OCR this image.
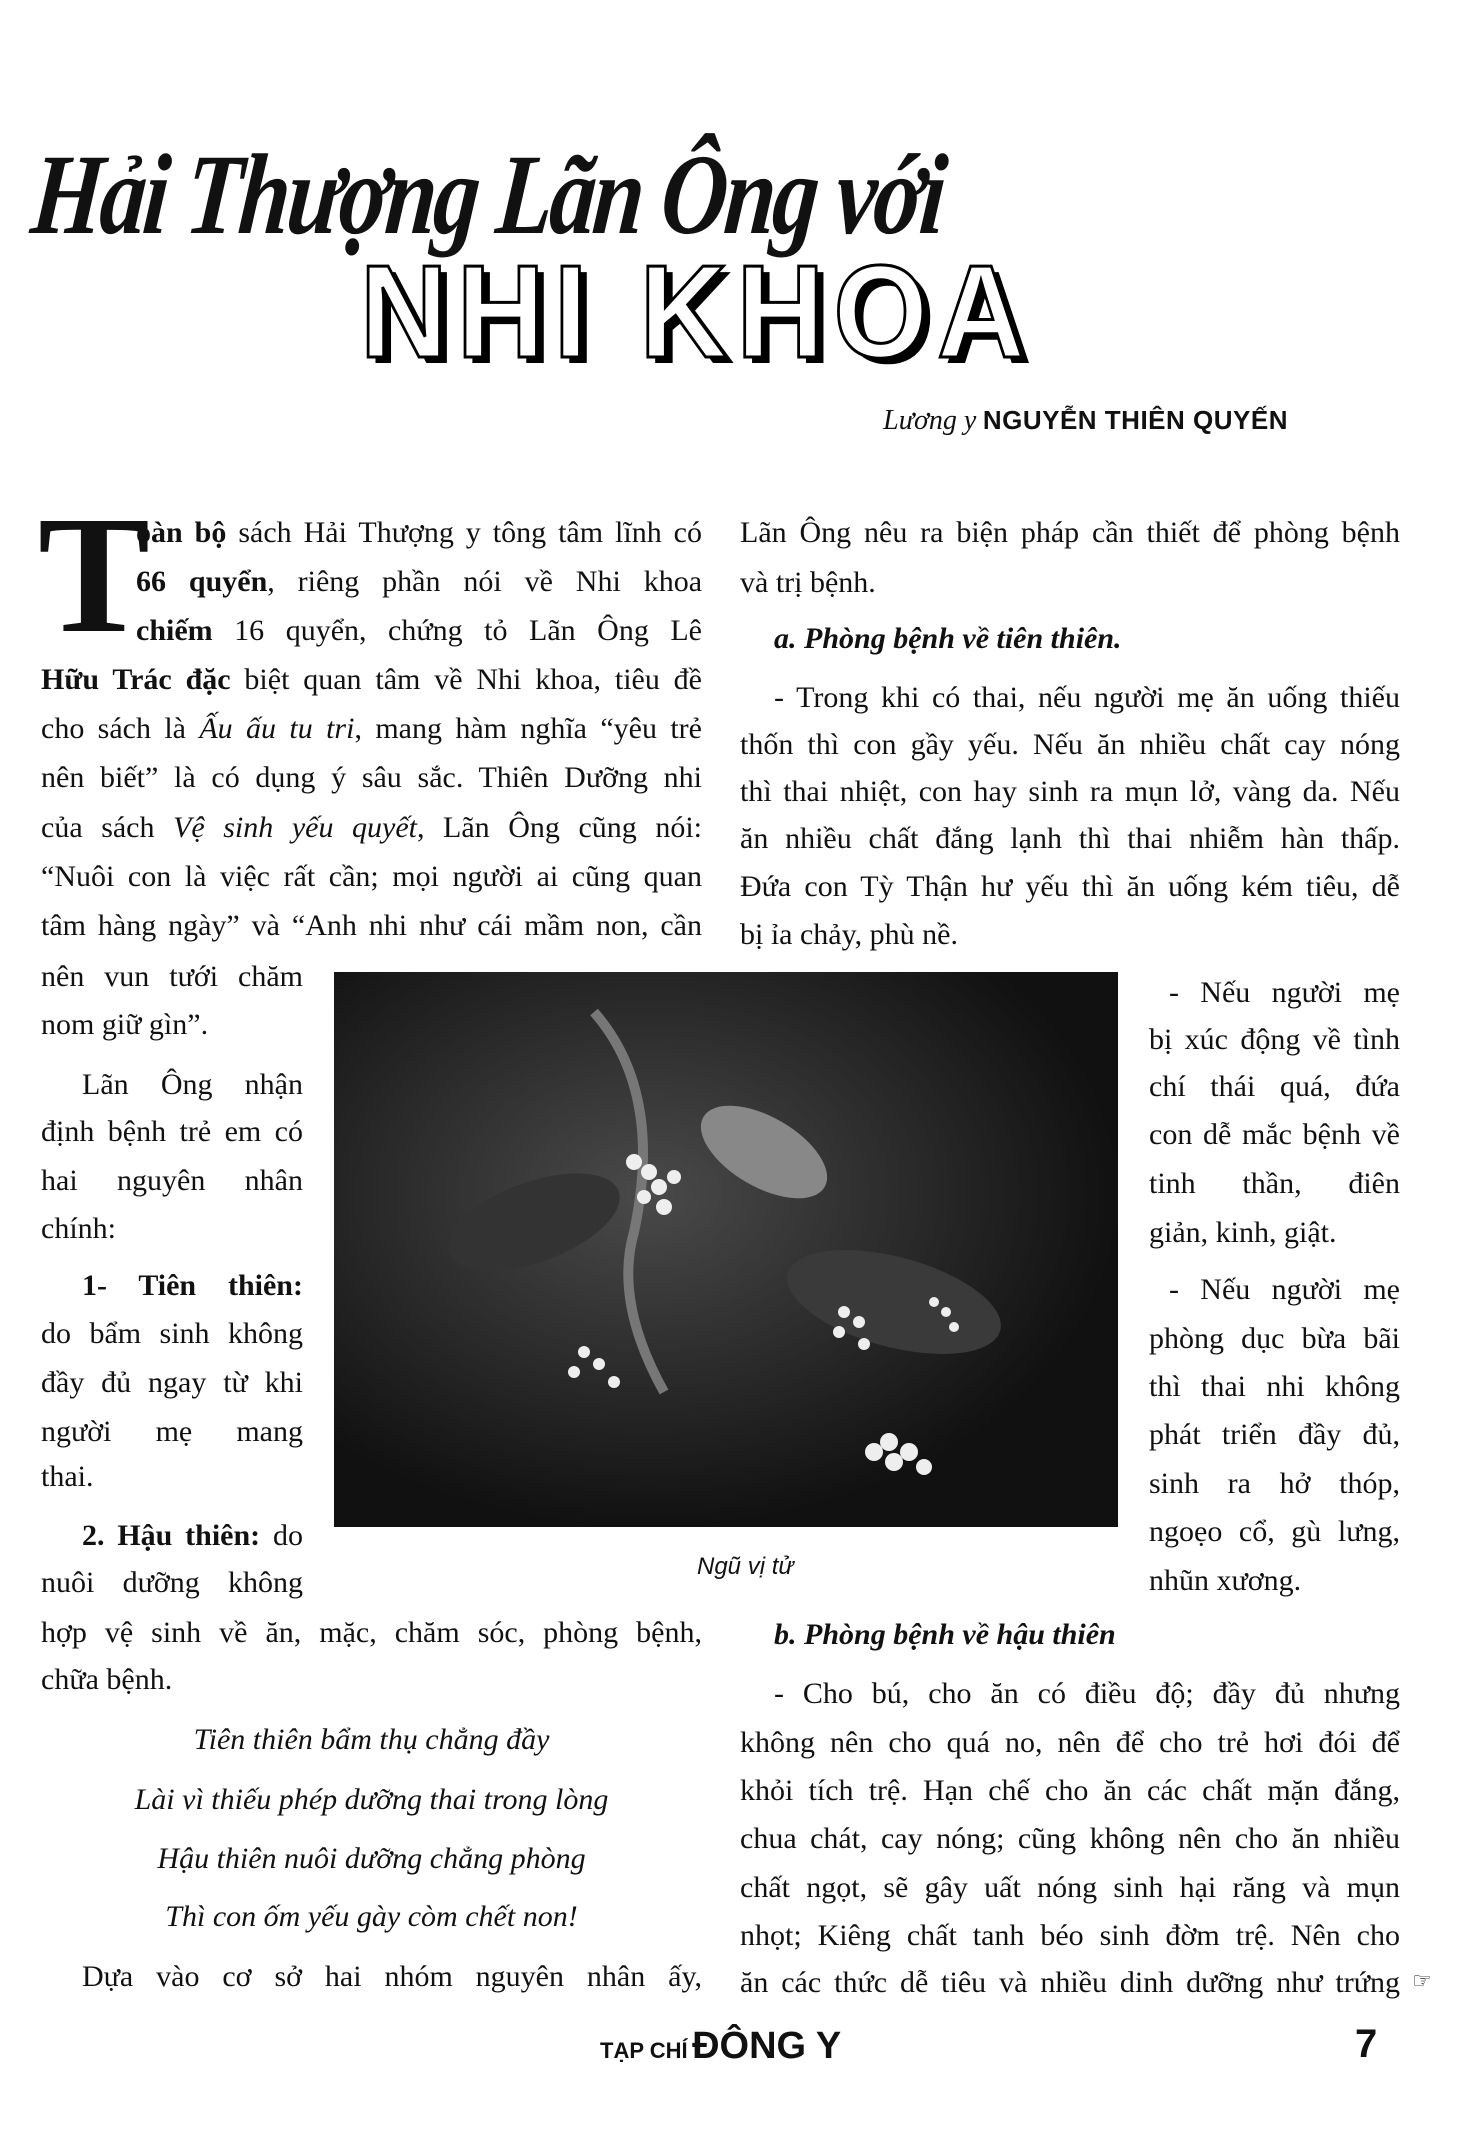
Hải Thượng Lãn Ông với
NHI KHOA
Lương y NGUYỄN THIÊN QUYẾN
T
oàn bộ sách Hải Thượng y tông tâm lĩnh có
66 quyển, riêng phần nói về Nhi khoa
chiếm 16 quyển, chứng tỏ Lãn Ông Lê
Hữu Trác đặc biệt quan tâm về Nhi khoa, tiêu đề
cho sách là Ấu ấu tu tri, mang hàm nghĩa “yêu trẻ
nên biết” là có dụng ý sâu sắc. Thiên Dưỡng nhi
của sách Vệ sinh yếu quyết, Lãn Ông cũng nói:
“Nuôi con là việc rất cần; mọi người ai cũng quan
tâm hàng ngày” và “Anh nhi như cái mầm non, cần
nên vun tưới chăm
nom giữ gìn”.
Lãn Ông nhận
định bệnh trẻ em có
hai nguyên nhân
chính:
1- Tiên thiên:
do bẩm sinh không
đầy đủ ngay từ khi
người mẹ mang
thai.
2. Hậu thiên: do
nuôi dưỡng không
hợp vệ sinh về ăn, mặc, chăm sóc, phòng bệnh,
chữa bệnh.
Tiên thiên bẩm thụ chẳng đầy
Lài vì thiếu phép dưỡng thai trong lòng
Hậu thiên nuôi dưỡng chẳng phòng
Thì con ốm yếu gày còm chết non!
Dựa vào cơ sở hai nhóm nguyên nhân ấy,
Lãn Ông nêu ra biện pháp cần thiết để phòng bệnh
và trị bệnh.
a. Phòng bệnh về tiên thiên.
- Trong khi có thai, nếu người mẹ ăn uống thiếu
thốn thì con gầy yếu. Nếu ăn nhiều chất cay nóng
thì thai nhiệt, con hay sinh ra mụn lở, vàng da. Nếu
ăn nhiều chất đắng lạnh thì thai nhiễm hàn thấp.
Đứa con Tỳ Thận hư yếu thì ăn uống kém tiêu, dễ
bị ỉa chảy, phù nề.
- Nếu người mẹ
bị xúc động về tình
chí thái quá, đứa
con dễ mắc bệnh về
tinh thần, điên
giản, kinh, giật.
- Nếu người mẹ
phòng dục bừa bãi
thì thai nhi không
phát triển đầy đủ,
sinh ra hở thóp,
ngoẹo cổ, gù lưng,
nhũn xương.
b. Phòng bệnh về hậu thiên
- Cho bú, cho ăn có điều độ; đầy đủ nhưng
không nên cho quá no, nên để cho trẻ hơi đói để
khỏi tích trệ. Hạn chế cho ăn các chất mặn đắng,
chua chát, cay nóng; cũng không nên cho ăn nhiều
chất ngọt, sẽ gây uất nóng sinh hại răng và mụn
nhọt; Kiêng chất tanh béo sinh đờm trệ. Nên cho
ăn các thức dễ tiêu và nhiều dinh dưỡng như trứng ☞
Ngũ vị tử
TẠP CHÍ ĐÔNG Y	7
